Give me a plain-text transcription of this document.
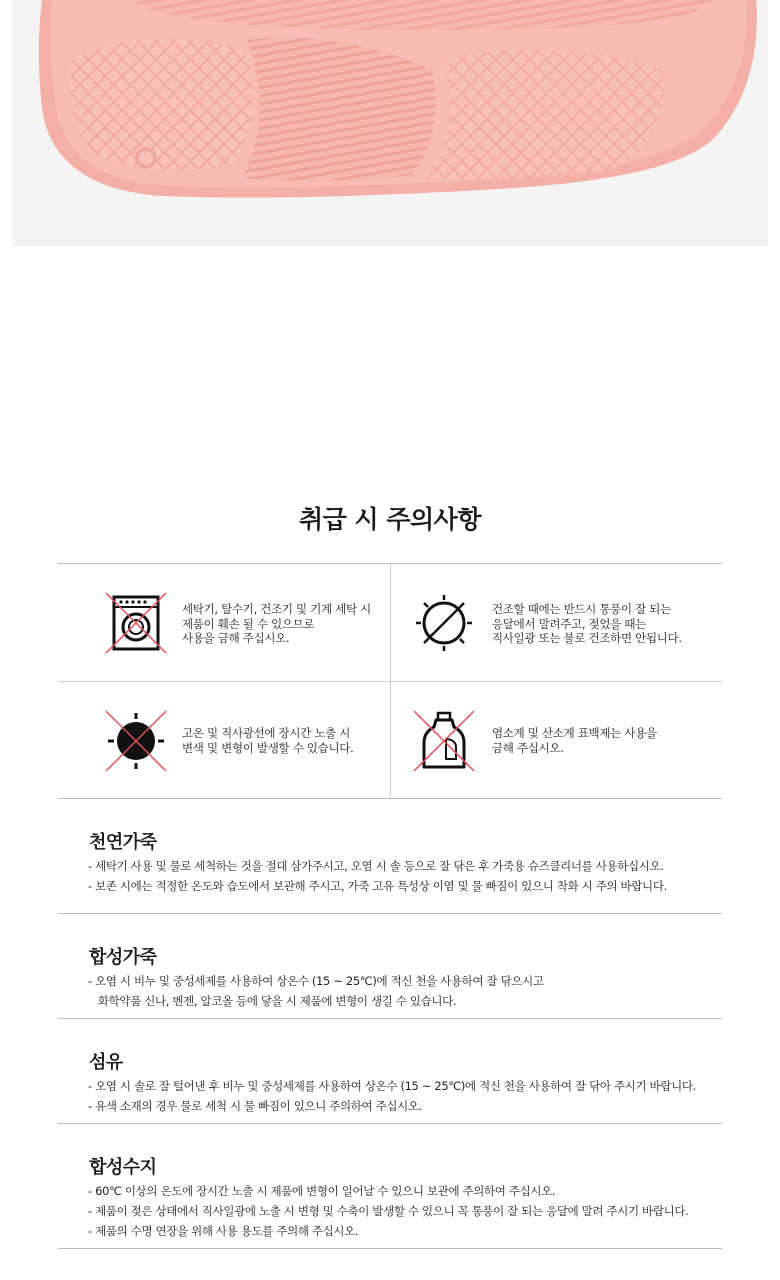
취급 시 주의사항
세탁기, 탈수기, 건조기 및 기계 세탁 시
제품이 훼손 될 수 있으므로
사용을 금해 주십시오.
건조할 때에는 반드시 통풍이 잘 되는
응달에서 말려주고, 젖었을 때는
직사일광 또는 불로 건조하면 안됩니다.
고온 및 직사광선에 장시간 노출 시
변색 및 변형이 발생할 수 있습니다.
염소계 및 산소계 표백제는 사용을
금해 주십시오.
천연가죽
- 세탁기 사용 및 물로 세척하는 것을 절대 삼가주시고, 오염 시 솔 등으로 잘 닦은 후 가죽용 슈즈클리너를 사용하십시오.
- 보존 시에는 적정한 온도와 습도에서 보관해 주시고, 가죽 고유 특성상 이염 및 물 빠짐이 있으니 착화 시 주의 바랍니다.
합성가죽
- 오염 시 비누 및 중성세제를 사용하여 상온수 (15 ~ 25℃)에 적신 천을 사용하여 잘 닦으시고
화학약품 신나, 벤젠, 알코올 등에 닿을 시 제품에 변형이 생길 수 있습니다.
섬유
- 오염 시 솔로 잘 털어낸 후 비누 및 중성세제를 사용하여 상온수 (15 ~ 25℃)에 적신 천을 사용하여 잘 닦아 주시기 바랍니다.
- 유색 소재의 경우 물로 세척 시 물 빠짐이 있으니 주의하여 주십시오.
합성수지
- 60℃ 이상의 온도에 장시간 노출 시 제품에 변형이 일어날 수 있으니 보관에 주의하여 주십시오.
- 제품이 젖은 상태에서 직사일광에 노출 시 변형 및 수축이 발생할 수 있으니 꼭 통풍이 잘 되는 응달에 말려 주시기 바랍니다.
- 제품의 수명 연장을 위해 사용 용도를 주의해 주십시오.
